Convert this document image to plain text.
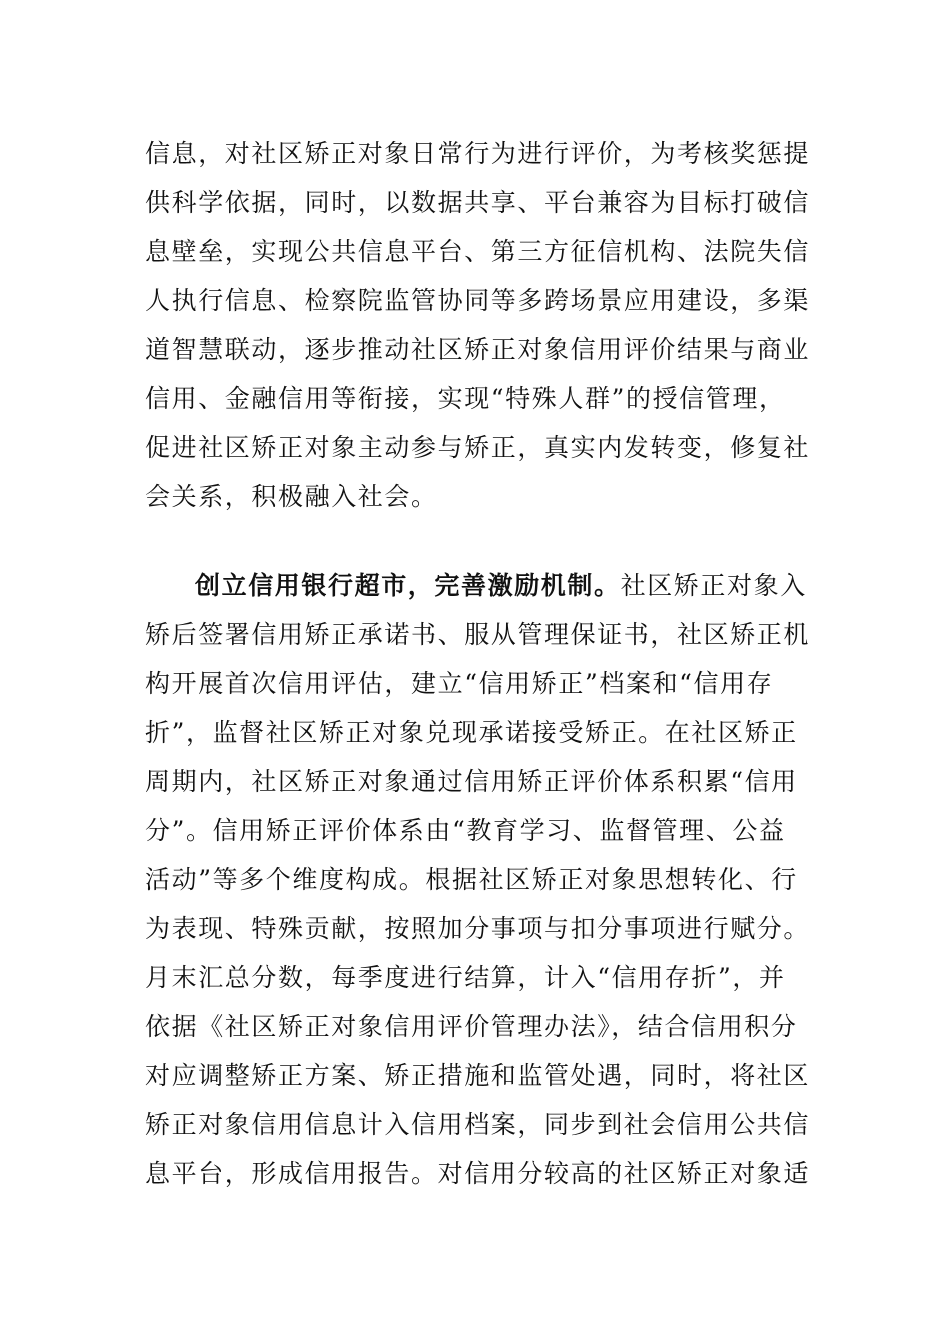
信息，对社区矫正对象日常行为进行评价，为考核奖惩提
供科学依据，同时，以数据共享、平台兼容为目标打破信
息壁垒，实现公共信息平台、第三方征信机构、法院失信
人执行信息、检察院监管协同等多跨场景应用建设，多渠
道智慧联动，逐步推动社区矫正对象信用评价结果与商业
信用、金融信用等衔接，实现“特殊人群”的授信管理，
促进社区矫正对象主动参与矫正，真实内发转变，修复社
会关系，积极融入社会。
创立信用银行超市，完善激励机制。社区矫正对象入
矫后签署信用矫正承诺书、服从管理保证书，社区矫正机
构开展首次信用评估，建立“信用矫正”档案和“信用存
折”，监督社区矫正对象兑现承诺接受矫正。在社区矫正
周期内，社区矫正对象通过信用矫正评价体系积累“信用
分”。信用矫正评价体系由“教育学习、监督管理、公益
活动”等多个维度构成。根据社区矫正对象思想转化、行
为表现、特殊贡献，按照加分事项与扣分事项进行赋分。
月末汇总分数，每季度进行结算，计入“信用存折”，并
依据《社区矫正对象信用评价管理办法》，结合信用积分
对应调整矫正方案、矫正措施和监管处遇，同时，将社区
矫正对象信用信息计入信用档案，同步到社会信用公共信
息平台，形成信用报告。对信用分较高的社区矫正对象适
